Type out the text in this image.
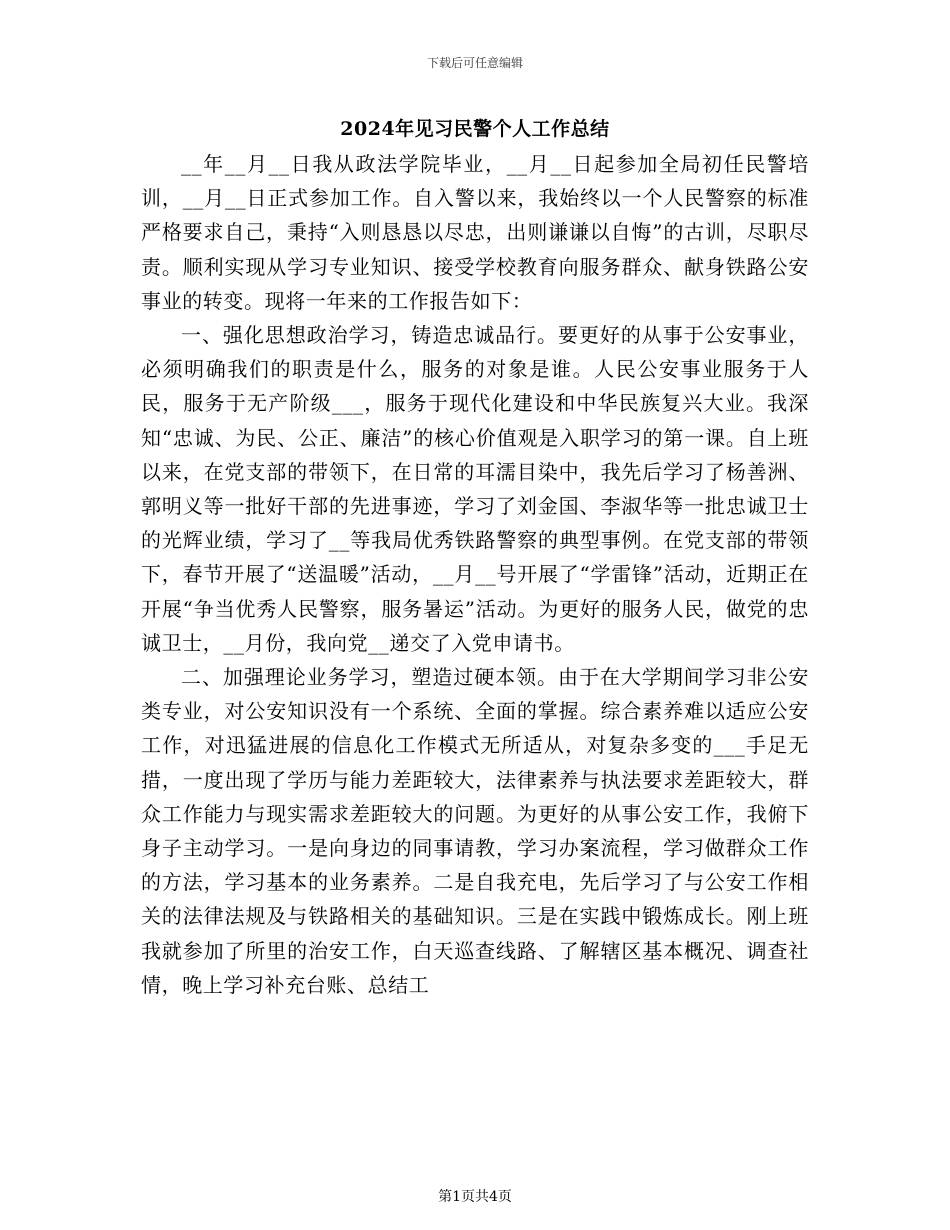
下载后可任意编辑
2024年见习民警个人工作总结

__年__月__日我从政法学院毕业，__月__日起参加全局初任民警培训，__月__日正式参加工作。自入警以来，我始终以一个人民警察的标准严格要求自己，秉持“入则恳恳以尽忠，出则谦谦以自悔”的古训，尽职尽责。顺利实现从学习专业知识、接受学校教育向服务群众、献身铁路公安事业的转变。现将一年来的工作报告如下：

一、强化思想政治学习，铸造忠诚品行。要更好的从事于公安事业，必须明确我们的职责是什么，服务的对象是谁。人民公安事业服务于人民，服务于无产阶级___，服务于现代化建设和中华民族复兴大业。我深知“忠诚、为民、公正、廉洁”的核心价值观是入职学习的第一课。自上班以来，在党支部的带领下，在日常的耳濡目染中，我先后学习了杨善洲、郭明义等一批好干部的先进事迹，学习了刘金国、李淑华等一批忠诚卫士的光辉业绩，学习了__等我局优秀铁路警察的典型事例。在党支部的带领下，春节开展了“送温暖”活动，__月__号开展了“学雷锋”活动，近期正在开展“争当优秀人民警察，服务暑运”活动。为更好的服务人民，做党的忠诚卫士，__月份，我向党__递交了入党申请书。

二、加强理论业务学习，塑造过硬本领。由于在大学期间学习非公安类专业，对公安知识没有一个系统、全面的掌握。综合素养难以适应公安工作，对迅猛进展的信息化工作模式无所适从，对复杂多变的___手足无措，一度出现了学历与能力差距较大，法律素养与执法要求差距较大，群众工作能力与现实需求差距较大的问题。为更好的从事公安工作，我俯下身子主动学习。一是向身边的同事请教，学习办案流程，学习做群众工作的方法，学习基本的业务素养。二是自我充电，先后学习了与公安工作相关的法律法规及与铁路相关的基础知识。三是在实践中锻炼成长。刚上班我就参加了所里的治安工作，白天巡查线路、了解辖区基本概况、调查社情，晚上学习补充台账、总结工

第1页共4页
